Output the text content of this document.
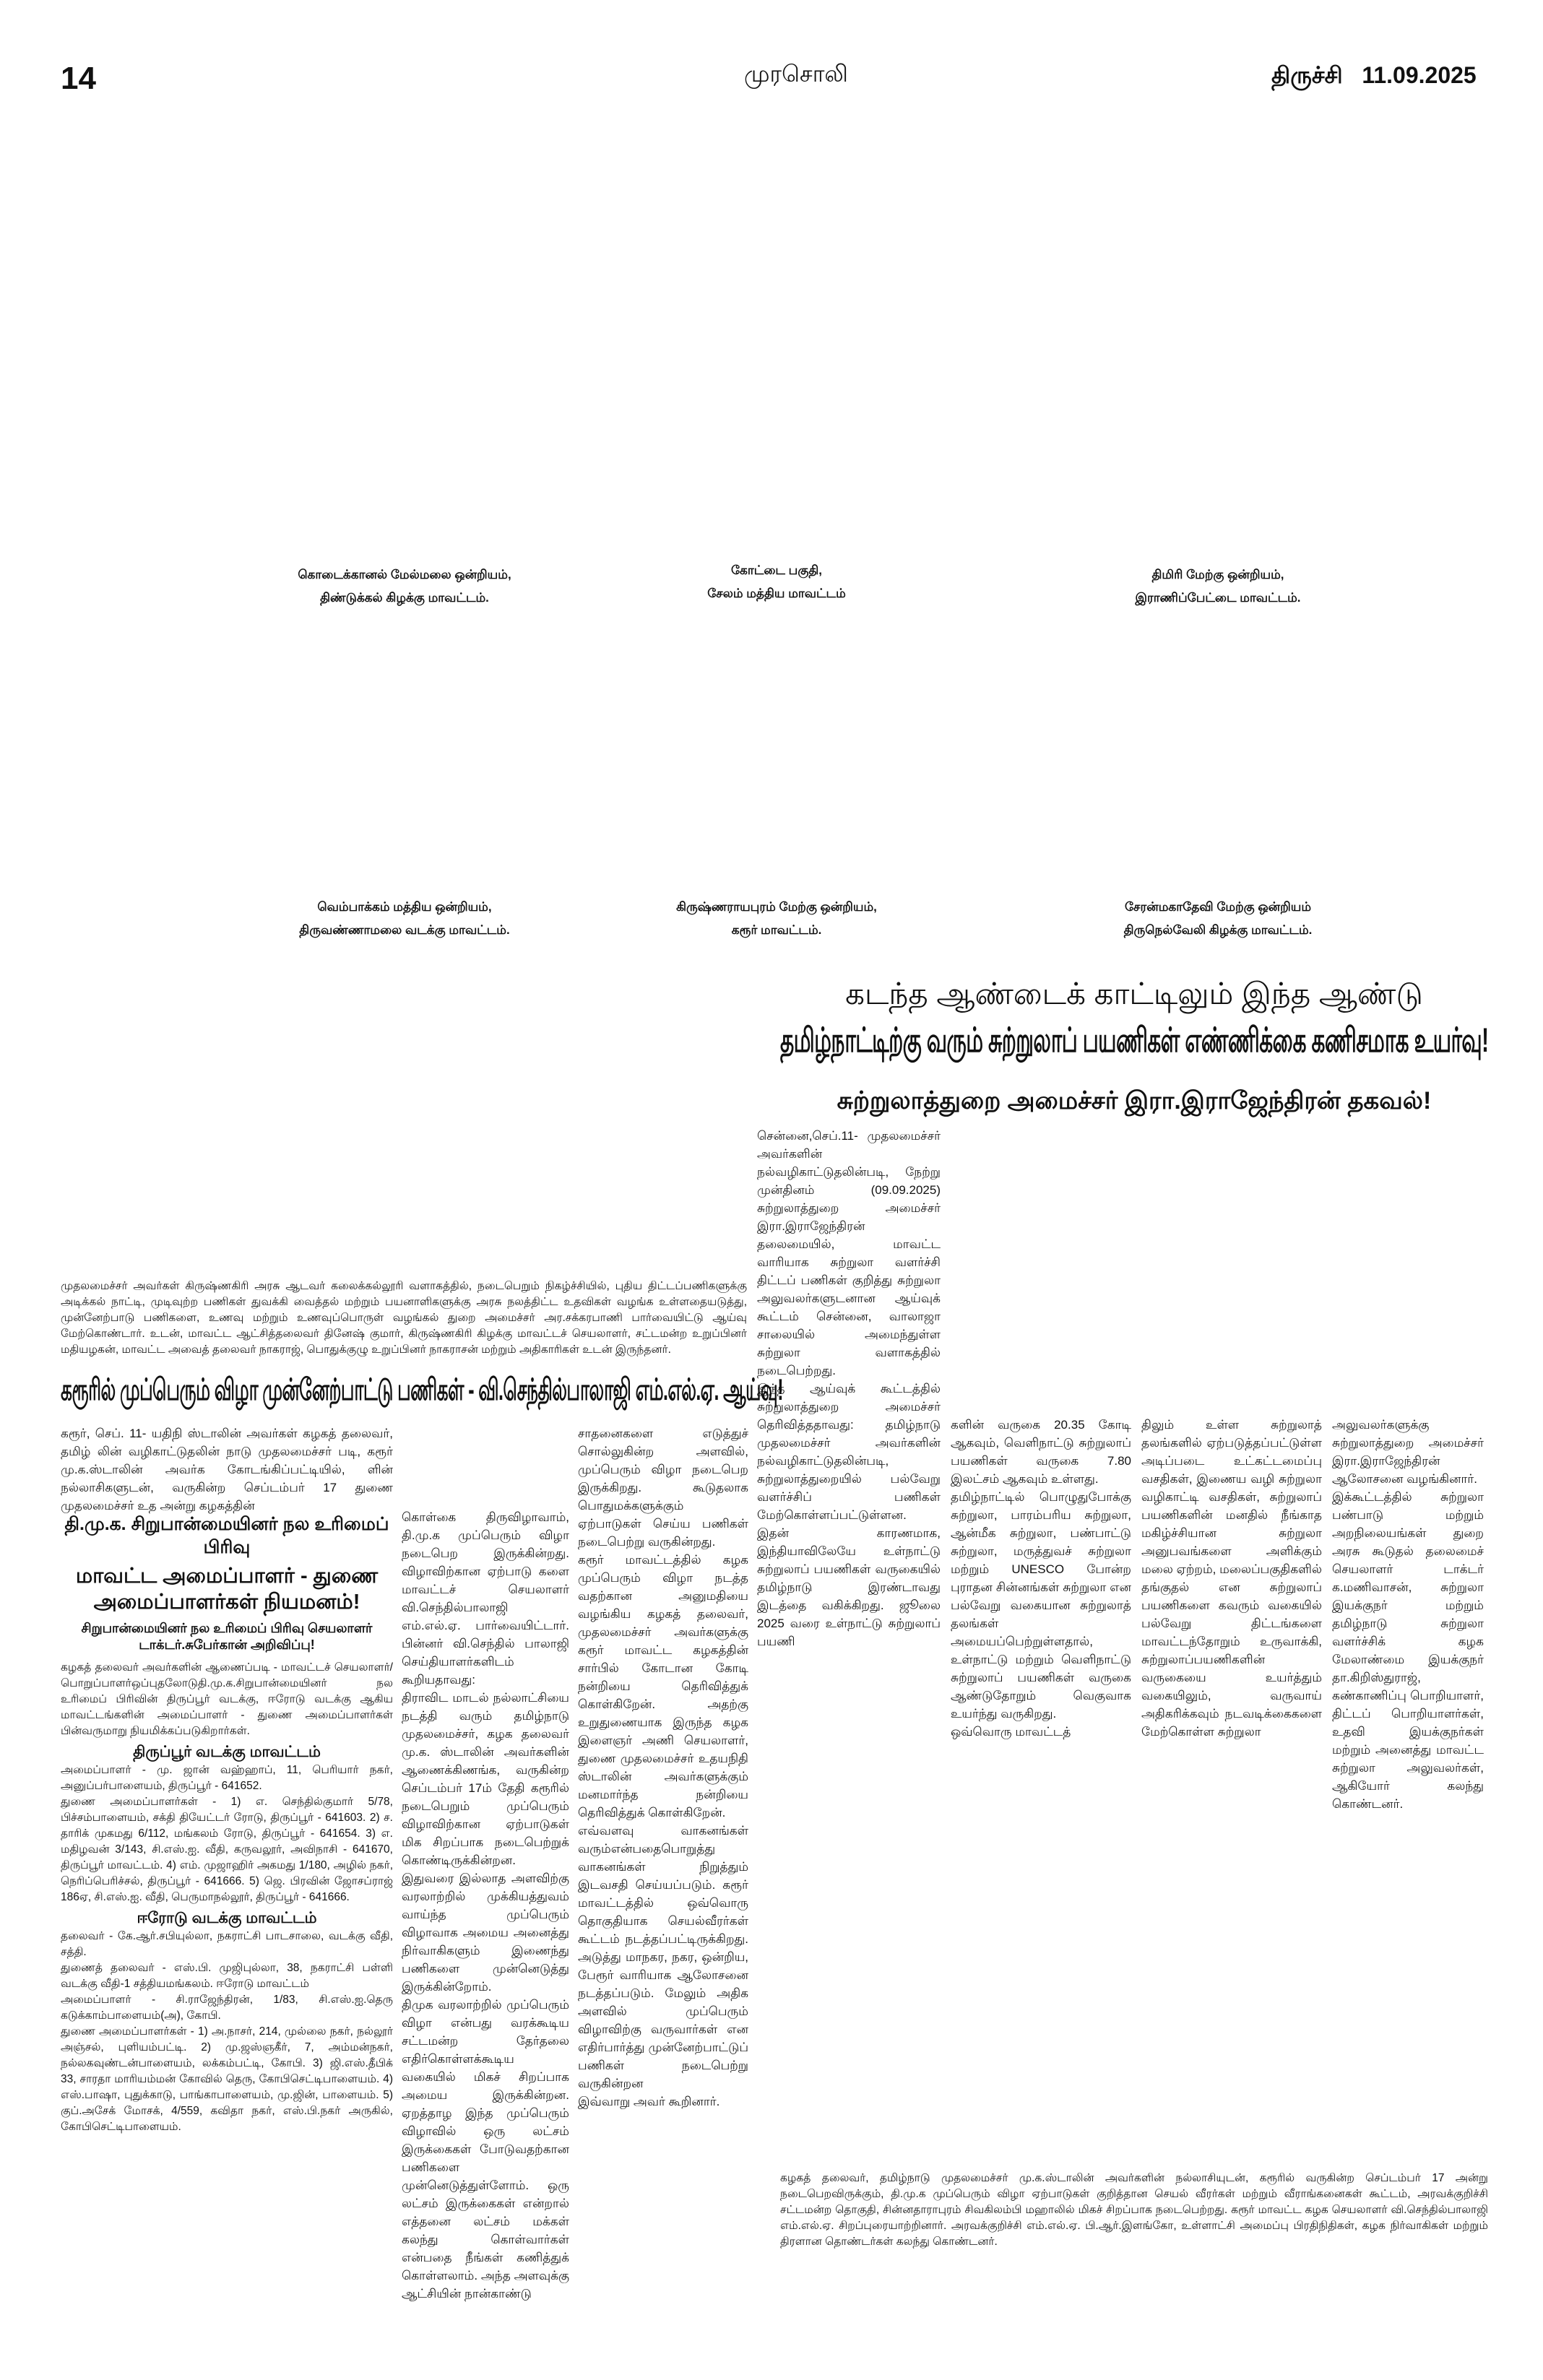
14	முரசொலி	திருச்சி 11.09.2025
கொடைக்கானல் மேல்மலை ஒன்றியம்,
திண்டுக்கல் கிழக்கு மாவட்டம்.
கோட்டை பகுதி,
சேலம் மத்திய மாவட்டம்
திமிரி மேற்கு ஒன்றியம்,
இராணிப்பேட்டை மாவட்டம்.
வெம்பாக்கம் மத்திய ஒன்றியம்,
திருவண்ணாமலை வடக்கு மாவட்டம்.
கிருஷ்ணராயபுரம் மேற்கு ஒன்றியம்,
கரூர் மாவட்டம்.
சேரன்மகாதேவி மேற்கு ஒன்றியம்
திருநெல்வேலி கிழக்கு மாவட்டம்.
கடந்த ஆண்டைக் காட்டிலும் இந்த ஆண்டு
தமிழ்நாட்டிற்கு வரும் சுற்றுலாப் பயணிகள் எண்ணிக்கை கணிசமாக உயர்வு!
சுற்றுலாத்துறை அமைச்சர் இரா.இராஜேந்திரன் தகவல்!
சென்னை,செப்.11- முதலமைச்சர் அவர்களின் நல்வழிகாட்டுதலின்படி, நேற்று முன்தினம் (09.09.2025) சுற்றுலாத்துறை அமைச்சர் இரா.இராஜேந்திரன் தலைமையில், மாவட்ட வாரியாக சுற்றுலா வளர்ச்சி திட்டப் பணிகள் குறித்து சுற்றுலா அலுவலர்களுடனான ஆய்வுக் கூட்டம் சென்னை, வாலாஜா சாலையில் அமைந்துள்ள சுற்றுலா வளாகத்தில் நடைபெற்றது.
இந்த ஆய்வுக் கூட்டத்தில் சுற்றுலாத்துறை அமைச்சர் தெரிவித்ததாவது: தமிழ்நாடு முதலமைச்சர் அவர்களின் நல்வழிகாட்டுதலின்படி, சுற்றுலாத்துறையில் பல்வேறு வளர்ச்சிப் பணிகள் மேற்கொள்ளப்பட்டுள்ளன. இதன் காரணமாக, இந்தியாவிலேயே உள்நாட்டு சுற்றுலாப் பயணிகள் வருகையில் தமிழ்நாடு இரண்டாவது இடத்தை வகிக்கிறது. ஜூலை 2025 வரை உள்நாட்டு சுற்றுலாப் பயணி
களின் வருகை 20.35 கோடி ஆகவும், வெளிநாட்டு சுற்றுலாப் பயணிகள் வருகை 7.80 இலட்சம் ஆகவும் உள்ளது.
தமிழ்நாட்டில் பொழுதுபோக்கு சுற்றுலா, பாரம்பரிய சுற்றுலா, ஆன்மீக சுற்றுலா, பண்பாட்டு சுற்றுலா, மருத்துவச் சுற்றுலா மற்றும் UNESCO போன்ற புராதன சின்னங்கள் சுற்றுலா என பல்வேறு வகையான சுற்றுலாத் தலங்கள் அமையப்பெற்றுள்ளதால், உள்நாட்டு மற்றும் வெளிநாட்டு சுற்றுலாப் பயணிகள் வருகை ஆண்டுதோறும் வெகுவாக உயர்ந்து வருகிறது.
ஒவ்வொரு மாவட்டத்
திலும் உள்ள சுற்றுலாத் தலங்களில் ஏற்படுத்தப்பட்டுள்ள அடிப்படை உட்கட்டமைப்பு வசதிகள், இணைய வழி சுற்றுலா வழிகாட்டி வசதிகள், சுற்றுலாப் பயணிகளின் மனதில் நீங்காத மகிழ்ச்சியான சுற்றுலா அனுபவங்களை அளிக்கும் மலை ஏற்றம், மலைப்பகுதிகளில் தங்குதல் என சுற்றுலாப் பயணிகளை கவரும் வகையில் பல்வேறு திட்டங்களை மாவட்டந்தோறும் உருவாக்கி, சுற்றுலாப்பயணிகளின் வருகையை உயர்த்தும் வகையிலும், வருவாய் அதிகரிக்கவும் நடவடிக்கைகளை மேற்கொள்ள சுற்றுலா
அலுவலர்களுக்கு சுற்றுலாத்துறை அமைச்சர் இரா.இராஜேந்திரன் ஆலோசனை வழங்கினார்.
இக்கூட்டத்தில் சுற்றுலா பண்பாடு மற்றும் அறநிலையங்கள் துறை அரசு கூடுதல் தலைமைச் செயலாளர் டாக்டர் க.மணிவாசன், சுற்றுலா இயக்குநர் மற்றும் தமிழ்நாடு சுற்றுலா வளர்ச்சிக் கழக மேலாண்மை இயக்குநர் தா.கிறிஸ்துராஜ், கண்காணிப்பு பொறியாளர், திட்டப் பொறியாளர்கள், உதவி இயக்குநர்கள் மற்றும் அனைத்து மாவட்ட சுற்றுலா அலுவலர்கள், ஆகியோர் கலந்து கொண்டனர்.
முதலமைச்சர் அவர்கள் கிருஷ்ணகிரி அரசு ஆடவர் கலைக்கல்லூரி வளாகத்தில், நடைபெறும் நிகழ்ச்சியில், புதிய திட்டப்பணிகளுக்கு அடிக்கல் நாட்டி, முடிவுற்ற பணிகள் துவக்கி வைத்தல் மற்றும் பயனாளிகளுக்கு அரசு நலத்திட்ட உதவிகள் வழங்க உள்ளதையடுத்து, முன்னேற்பாடு பணிகளை, உணவு மற்றும் உணவுப்பொருள் வழங்கல் துறை அமைச்சர் அர.சக்கரபாணி பார்வையிட்டு ஆய்வு மேற்கொண்டார். உடன், மாவட்ட ஆட்சித்தலைவர் தினேஷ் குமார், கிருஷ்ணகிரி கிழக்கு மாவட்டச் செயலாளர், சட்டமன்ற உறுப்பினர் மதியழகன், மாவட்ட அவைத் தலைவர் நாகராஜ், பொதுக்குழு உறுப்பினர் நாகராசன் மற்றும் அதிகாரிகள் உடன் இருந்தனர்.
கரூரில் முப்பெரும் விழா முன்னேற்பாட்டு பணிகள் - வி.செந்தில்பாலாஜி எம்.எல்.ஏ. ஆய்வு!
கரூர், செப். 11- யதிநி ஸ்டாலின் அவர்கள் கழகத் தலைவர், தமிழ் லின் வழிகாட்டுதலின் நாடு முதலமைச்சர் படி, கரூர் மு.க.ஸ்டாலின் அவர்க கோடங்கிப்பட்டியில், ளின் நல்லாசிகளுடன், வருகின்ற செப்டம்பர் 17 துணை முதலமைச்சர் உத அன்று கழகத்தின்
தி.மு.க. சிறுபான்மையினர் நல உரிமைப் பிரிவு
மாவட்ட அமைப்பாளர் - துணை அமைப்பாளர்கள் நியமனம்!
சிறுபான்மையினர் நல உரிமைப் பிரிவு செயலாளர் டாக்டர்.சுபேர்கான் அறிவிப்பு!
கழகத் தலைவர் அவர்களின் ஆணைப்படி - மாவட்டச் செயலாளர்/பொறுப்பாளர்ஒப்புதலோடுதி.மு.க.சிறுபான்மையினர் நல உரிமைப் பிரிவின் திருப்பூர் வடக்கு, ஈரோடு வடக்கு ஆகிய மாவட்டங்களின் அமைப்பாளர் - துணை அமைப்பாளர்கள் பின்வருமாறு நியமிக்கப்படுகிறார்கள்.
திருப்பூர் வடக்கு மாவட்டம்
அமைப்பாளர் - மு. ஜான் வஹ்ஹாப், 11, பெரியார் நகர், அனுப்பர்பாளையம், திருப்பூர் - 641652.
துணை அமைப்பாளர்கள் - 1) எ. செந்தில்குமார் 5/78, பிச்சம்பாளையம், சக்தி தியேட்டர் ரோடு, திருப்பூர் - 641603. 2) ச. தாரிக் முகமது 6/112, மங்கலம் ரோடு, திருப்பூர் - 641654. 3) எ. மதிழவன் 3/143, சி.எஸ்.ஐ. வீதி, கருவலூர், அவிநாசி - 641670, திருப்பூர் மாவட்டம். 4) எம். முஜாஹிர் அகமது 1/180, அழில் நகர், நெரிப்பெரிச்சல், திருப்பூர் - 641666. 5) ஜெ. பிரவின் ஜோசப்ராஜ் 186ஏ, சி.எஸ்.ஐ. வீதி, பெருமாநல்லூர், திருப்பூர் - 641666.
ஈரோடு வடக்கு மாவட்டம்
தலைவர் - கே.ஆர்.சபியுல்லா, நகராட்சி பாடசாலை, வடக்கு வீதி, சத்தி.
துணைத் தலைவர் - எஸ்.பி. முஜிபுல்லா, 38, நகராட்சி பள்ளி வடக்கு வீதி-1 சத்தியமங்கலம். ஈரோடு மாவட்டம்
அமைப்பாளர் - சி.ராஜேந்திரன், 1/83, சி.எஸ்.ஐ.தெரு கடுக்காம்பாளையம்(அ), கோபி.
துணை அமைப்பாளர்கள் - 1) அ.நாசர், 214, முல்லை நகர், நல்லூர் அஞ்சல், புளியம்பட்டி. 2) மு.ஜஸ்ஞகீர், 7, அம்மன்நகர், நல்லகவுண்டன்பாளையம், லக்கம்பட்டி, கோபி. 3) ஜி.எஸ்.தீபிக் 33, சாரதா மாரியம்மன் கோவில் தெரு, கோபிசெட்டிபாளையம். 4) எஸ்.பாஷா, புதுக்காடு, பாங்காபாளையம், மு.ஜின், பாளையம். 5) குப்.அசேக் மோசக், 4/559, கவிதா நகர், எஸ்.பி.நகர் அருகில், கோபிசெட்டிபாளையம்.
கொள்கை திருவிழாவாம், தி.மு.க முப்பெரும் விழா நடைபெற இருக்கின்றது. விழாவிற்கான ஏற்பாடு களை மாவட்டச் செயலாளர் வி.செந்தில்பாலாஜி எம்.எல்.ஏ. பார்வையிட்டார். பின்னர் வி.செந்தில் பாலாஜி செய்தியாளர்களிடம் கூறியதாவது:
திராவிட மாடல் நல்லாட்சியை நடத்தி வரும் தமிழ்நாடு முதலமைச்சர், கழக தலைவர் மு.க. ஸ்டாலின் அவர்களின் ஆணைக்கிணங்க, வருகின்ற செப்டம்பர் 17ம் தேதி கரூரில் நடைபெறும் முப்பெரும் விழாவிற்கான ஏற்பாடுகள் மிக சிறப்பாக நடைபெற்றுக் கொண்டிருக்கின்றன. இதுவரை இல்லாத அளவிற்கு வரலாற்றில் முக்கியத்துவம் வாய்ந்த முப்பெரும் விழாவாக அமைய அனைத்து நிர்வாகிகளும் இணைந்து பணிகளை முன்னெடுத்து இருக்கின்றோம்.
திமுக வரலாற்றில் முப்பெரும் விழா என்பது வரக்கூடிய சட்டமன்ற தேர்தலை எதிர்கொள்ளக்கூடிய வகையில் மிகச் சிறப்பாக அமைய இருக்கின்றன. ஏறத்தாழ இந்த முப்பெரும் விழாவில் ஒரு லட்சம் இருக்கைகள் போடுவதற்கான பணிகளை முன்னெடுத்துள்ளோம். ஒரு லட்சம் இருக்கைகள் என்றால் எத்தனை லட்சம் மக்கள் கலந்து கொள்வார்கள் என்பதை நீங்கள் கணித்துக் கொள்ளலாம். அந்த அளவுக்கு ஆட்சியின் நான்காண்டு
சாதனைகளை எடுத்துச் சொல்லுகின்ற அளவில், முப்பெரும் விழா நடைபெற இருக்கிறது. கூடுதலாக பொதுமக்களுக்கும் ஏற்பாடுகள் செய்ய பணிகள் நடைபெற்று வருகின்றது.
கரூர் மாவட்டத்தில் கழக முப்பெரும் விழா நடத்த வதற்கான அனுமதியை வழங்கிய கழகத் தலைவர், முதலமைச்சர் அவர்களுக்கு கரூர் மாவட்ட கழகத்தின் சார்பில் கோடான கோடி நன்றியை தெரிவித்துக் கொள்கிறேன். அதற்கு உறுதுணையாக இருந்த கழக இளைஞர் அணி செயலாளர், துணை முதலமைச்சர் உதயநிதி ஸ்டாலின் அவர்களுக்கும் மனமார்ந்த நன்றியை தெரிவித்துக் கொள்கிறேன்.
எவ்வளவு வாகனங்கள் வரும்என்பதைபொறுத்து வாகனங்கள் நிறுத்தும் இடவசதி செய்யப்படும். கரூர் மாவட்டத்தில் ஒவ்வொரு தொகுதியாக செயல்வீரர்கள் கூட்டம் நடத்தப்பட்டிருக்கிறது. அடுத்து மாநகர, நகர, ஒன்றிய, பேரூர் வாரியாக ஆலோசனை நடத்தப்படும். மேலும் அதிக அளவில் முப்பெரும் விழாவிற்கு வருவார்கள் என எதிர்பார்த்து முன்னேற்பாட்டுப் பணிகள் நடைபெற்று வருகின்றன
இவ்வாறு அவர் கூறினார்.
கழகத் தலைவர், தமிழ்நாடு முதலமைச்சர் மு.க.ஸ்டாலின் அவர்களின் நல்லாசியுடன், கரூரில் வருகின்ற செப்டம்பர் 17 அன்று நடைபெறவிருக்கும், தி.மு.க முப்பெரும் விழா ஏற்பாடுகள் குறித்தான செயல் வீரர்கள் மற்றும் வீராங்கனைகள் கூட்டம், அரவக்குறிச்சி சட்டமன்ற தொகுதி, சின்னதாராபுரம் சிவகிலம்பி மஹாலில் மிகச் சிறப்பாக நடைபெற்றது. கரூர் மாவட்ட கழக செயலாளர் வி.செந்தில்பாலாஜி எம்.எல்.ஏ. சிறப்புரையாற்றினார். அரவக்குறிச்சி எம்.எல்.ஏ. பி.ஆர்.இளங்கோ, உள்ளாட்சி அமைப்பு பிரதிநிதிகள், கழக நிர்வாகிகள் மற்றும் திரளான தொண்டர்கள் கலந்து கொண்டனர்.
